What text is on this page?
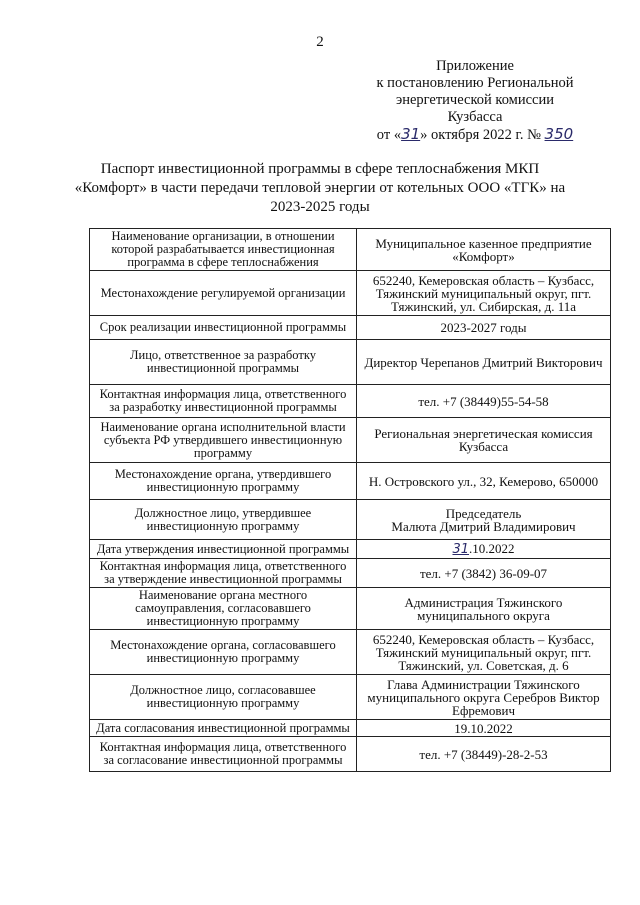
2
Приложение
к постановлению Региональной
энергетической комиссии
Кузбасса
от «31» октября 2022 г. № 350
Паспорт инвестиционной программы в сфере теплоснабжения МКП «Комфорт» в части передачи тепловой энергии от котельных ООО «ТГК» на 2023-2025 годы
Наименование организации, в отношении которой разрабатывается инвестиционная программа в сфере теплоснабжения	Муниципальное казенное предприятие «Комфорт»
Местонахождение регулируемой организации	652240, Кемеровская область – Кузбасс, Тяжинский муниципальный округ, пгт. Тяжинский, ул. Сибирская, д. 11а
Срок реализации инвестиционной программы	2023-2027 годы
Лицо, ответственное за разработку инвестиционной программы	Директор Черепанов Дмитрий Викторович
Контактная информация лица, ответственного за разработку инвестиционной программы	тел. +7 (38449)55-54-58
Наименование органа исполнительной власти субъекта РФ утвердившего инвестиционную программу	Региональная энергетическая комиссия Кузбасса
Местонахождение органа, утвердившего инвестиционную программу	Н. Островского ул., 32, Кемерово, 650000
Должностное лицо, утвердившее инвестиционную программу	Председатель
Малюта Дмитрий Владимирович

Дата утверждения инвестиционной программы	31.10.2022
Контактная информация лица, ответственного за утверждение инвестиционной программы	тел. +7 (3842) 36-09-07
Наименование органа местного самоуправления, согласовавшего инвестиционную программу	Администрация Тяжинского муниципального округа
Местонахождение органа, согласовавшего инвестиционную программу	652240, Кемеровская область – Кузбасс, Тяжинский муниципальный округ, пгт. Тяжинский, ул. Советская, д. 6
Должностное лицо, согласовавшее инвестиционную программу	Глава Администрации Тяжинского муниципального округа Серебров Виктор Ефремович
Дата согласования инвестиционной программы	19.10.2022
Контактная информация лица, ответственного за согласование инвестиционной программы	тел. +7 (38449)-28-2-53
